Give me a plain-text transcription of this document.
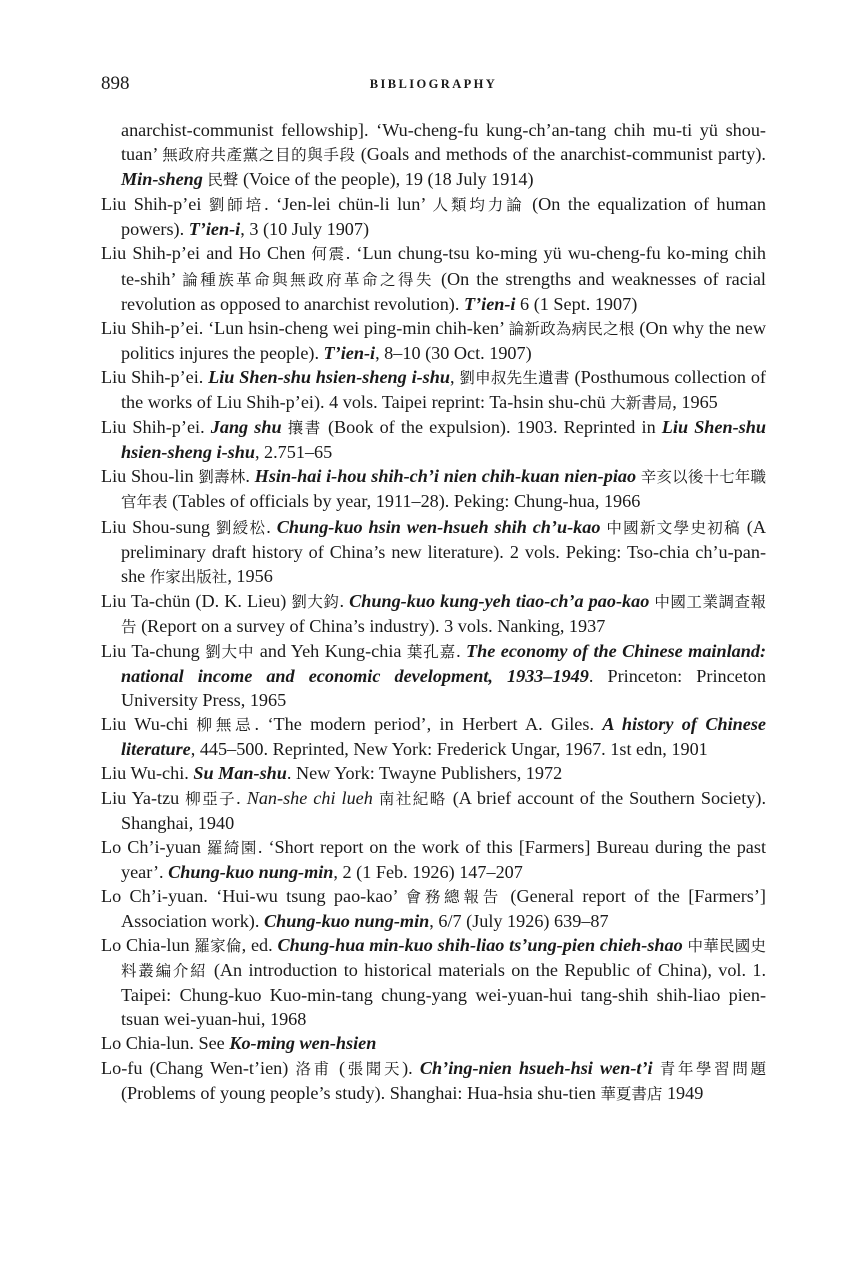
898	BIBLIOGRAPHY
anarchist-communist fellowship]. ‘Wu-cheng-fu kung-ch’an-tang chih mu-ti yü shou-tuan’ 無政府共產黨之目的與手段 (Goals and methods of the anarchist-communist party). Min-sheng 民聲 (Voice of the people), 19 (18 July 1914)
Liu Shih-p’ei 劉師培. ‘Jen-lei chün-li lun’ 人類均力論 (On the equalization of human powers). T’ien-i, 3 (10 July 1907)
Liu Shih-p’ei and Ho Chen 何震. ‘Lun chung-tsu ko-ming yü wu-cheng-fu ko-ming chih te-shih’ 論種族革命與無政府革命之得失 (On the strengths and weaknesses of racial revolution as opposed to anarchist revolution). T’ien-i 6 (1 Sept. 1907)
Liu Shih-p’ei. ‘Lun hsin-cheng wei ping-min chih-ken’ 論新政為病民之根 (On why the new politics injures the people). T’ien-i, 8–10 (30 Oct. 1907)
Liu Shih-p’ei. Liu Shen-shu hsien-sheng i-shu, 劉申叔先生遺書 (Posthumous collection of the works of Liu Shih-p’ei). 4 vols. Taipei reprint: Ta-hsin shu-chü 大新書局, 1965
Liu Shih-p’ei. Jang shu 攘書 (Book of the expulsion). 1903. Reprinted in Liu Shen-shu hsien-sheng i-shu, 2.751–65
Liu Shou-lin 劉壽林. Hsin-hai i-hou shih-ch’i nien chih-kuan nien-piao 辛亥以後十七年職官年表 (Tables of officials by year, 1911–28). Peking: Chung-hua, 1966
Liu Shou-sung 劉綬松. Chung-kuo hsin wen-hsueh shih ch’u-kao 中國新文學史初稿 (A preliminary draft history of China’s new literature). 2 vols. Peking: Tso-chia ch’u-pan-she 作家出版社, 1956
Liu Ta-chün (D. K. Lieu) 劉大鈞. Chung-kuo kung-yeh tiao-ch’a pao-kao 中國工業調查報告 (Report on a survey of China’s industry). 3 vols. Nanking, 1937
Liu Ta-chung 劉大中 and Yeh Kung-chia 葉孔嘉. The economy of the Chinese mainland: national income and economic development, 1933–1949. Princeton: Princeton University Press, 1965
Liu Wu-chi 柳無忌. ‘The modern period’, in Herbert A. Giles. A history of Chinese literature, 445–500. Reprinted, New York: Frederick Ungar, 1967. 1st edn, 1901
Liu Wu-chi. Su Man-shu. New York: Twayne Publishers, 1972
Liu Ya-tzu 柳亞子. Nan-she chi lueh 南社紀略 (A brief account of the Southern Society). Shanghai, 1940
Lo Ch’i-yuan 羅綺園. ‘Short report on the work of this [Farmers] Bureau during the past year’. Chung-kuo nung-min, 2 (1 Feb. 1926) 147–207
Lo Ch’i-yuan. ‘Hui-wu tsung pao-kao’ 會務總報告 (General report of the [Farmers’] Association work). Chung-kuo nung-min, 6/7 (July 1926) 639–87
Lo Chia-lun 羅家倫, ed. Chung-hua min-kuo shih-liao ts’ung-pien chieh-shao 中華民國史料叢編介紹 (An introduction to historical materials on the Republic of China), vol. 1. Taipei: Chung-kuo Kuo-min-tang chung-yang wei-yuan-hui tang-shih shih-liao pien-tsuan wei-yuan-hui, 1968
Lo Chia-lun. See Ko-ming wen-hsien
Lo-fu (Chang Wen-t’ien) 洛甫 (張聞天). Ch’ing-nien hsueh-hsi wen-t’i 青年學習問題 (Problems of young people’s study). Shanghai: Hua-hsia shu-tien 華夏書店 1949
